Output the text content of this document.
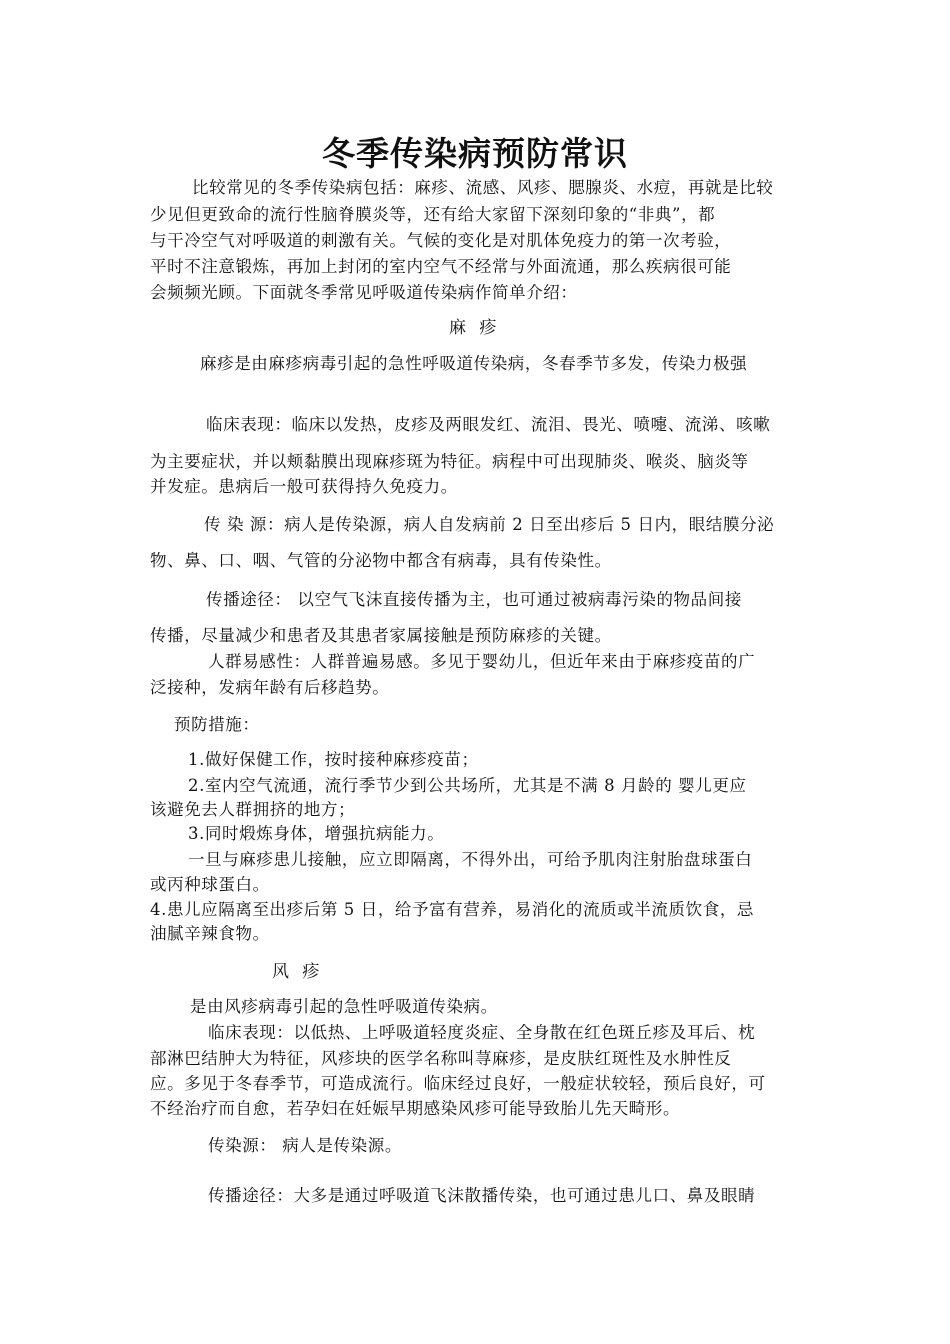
冬季传染病预防常识
比较常见的冬季传染病包括：麻疹、流感、风疹、腮腺炎、水痘，再就是比较
少见但更致命的流行性脑脊膜炎等，还有给大家留下深刻印象的“非典”，都
与干冷空气对呼吸道的刺激有关。气候的变化是对肌体免疫力的第一次考验，
平时不注意锻炼，再加上封闭的室内空气不经常与外面流通，那么疾病很可能
会频频光顾。下面就冬季常见呼吸道传染病作简单介绍：
麻 疹
麻疹是由麻疹病毒引起的急性呼吸道传染病，冬春季节多发，传染力极强
临床表现：临床以发热，皮疹及两眼发红、流泪、畏光、喷嚏、流涕、咳嗽
为主要症状，并以颊黏膜出现麻疹斑为特征。病程中可出现肺炎、喉炎、脑炎等
并发症。患病后一般可获得持久免疫力。
传 染 源：病人是传染源，病人自发病前 2 日至出疹后 5 日内，眼结膜分泌
物、鼻、口、咽、气管的分泌物中都含有病毒，具有传染性。
传播途径： 以空气飞沫直接传播为主，也可通过被病毒污染的物品间接
传播，尽量减少和患者及其患者家属接触是预防麻疹的关键。
人群易感性：人群普遍易感。多见于婴幼儿，但近年来由于麻疹疫苗的广
泛接种，发病年龄有后移趋势。
预防措施：
1.做好保健工作，按时接种麻疹疫苗；
2.室内空气流通，流行季节少到公共场所，尤其是不满 8 月龄的 婴儿更应
该避免去人群拥挤的地方；
3.同时煅炼身体，增强抗病能力。
一旦与麻疹患儿接触，应立即隔离，不得外出，可给予肌肉注射胎盘球蛋白
或丙种球蛋白。
4.患儿应隔离至出疹后第 5 日，给予富有营养，易消化的流质或半流质饮食，忌
油腻辛辣食物。
风 疹
是由风疹病毒引起的急性呼吸道传染病。
临床表现：以低热、上呼吸道轻度炎症、全身散在红色斑丘疹及耳后、枕
部淋巴结肿大为特征，风疹块的医学名称叫荨麻疹，是皮肤红斑性及水肿性反
应。多见于冬春季节，可造成流行。临床经过良好，一般症状较轻，预后良好，可
不经治疗而自愈，若孕妇在妊娠早期感染风疹可能导致胎儿先天畸形。
传染源： 病人是传染源。
传播途径：大多是通过呼吸道飞沫散播传染，也可通过患儿口、鼻及眼睛
